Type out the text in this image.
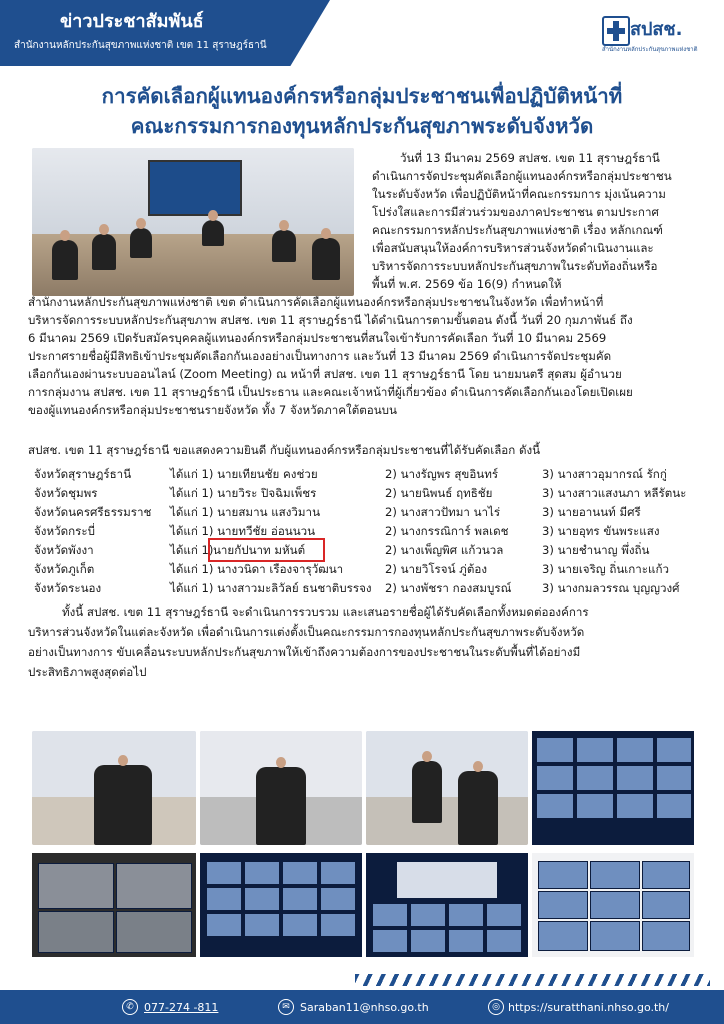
ข่าวประชาสัมพันธ์
สำนักงานหลักประกันสุขภาพแห่งชาติ เขต 11 สุราษฎร์ธานี
สปสช.
สำนักงานหลักประกันสุขภาพแห่งชาติ
การคัดเลือกผู้แทนองค์กรหรือกลุ่มประชาชนเพื่อปฏิบัติหน้าที่
คณะกรรมการกองทุนหลักประกันสุขภาพระดับจังหวัด
วันที่ 13 มีนาคม 2569 สปสช. เขต 11 สุราษฎร์ธานี
ดำเนินการจัดประชุมคัดเลือกผู้แทนองค์กรหรือกลุ่มประชาชน
ในระดับจังหวัด เพื่อปฏิบัติหน้าที่คณะกรรมการ มุ่งเน้นความ
โปร่งใสและการมีส่วนร่วมของภาคประชาชน ตามประกาศ
คณะกรรมการหลักประกันสุขภาพแห่งชาติ เรื่อง หลักเกณฑ์
เพื่อสนับสนุนให้องค์การบริหารส่วนจังหวัดดำเนินงานและ
บริหารจัดการระบบหลักประกันสุขภาพในระดับท้องถิ่นหรือ
พื้นที่ พ.ศ. 2569 ข้อ 16(9) กำหนดให้
สำนักงานหลักประกันสุขภาพแห่งชาติ เขต ดำเนินการคัดเลือกผู้แทนองค์กรหรือกลุ่มประชาชนในจังหวัด เพื่อทำหน้าที่
บริหารจัดการระบบหลักประกันสุขภาพ สปสช. เขต 11 สุราษฎร์ธานี ได้ดำเนินการตามขั้นตอน ดังนี้ วันที่ 20 กุมภาพันธ์ ถึง
6 มีนาคม 2569 เปิดรับสมัครบุคคลผู้แทนองค์กรหรือกลุ่มประชาชนที่สนใจเข้ารับการคัดเลือก วันที่ 10 มีนาคม 2569
ประกาศรายชื่อผู้มีสิทธิเข้าประชุมคัดเลือกกันเองอย่างเป็นทางการ และวันที่ 13 มีนาคม 2569 ดำเนินการจัดประชุมคัด
เลือกกันเองผ่านระบบออนไลน์ (Zoom Meeting) ณ หน้าที่ สปสช. เขต 11 สุราษฎร์ธานี โดย นายมนตรี สุดสม ผู้อำนวย
การกลุ่มงาน สปสช. เขต 11 สุราษฎร์ธานี เป็นประธาน และคณะเจ้าหน้าที่ผู้เกี่ยวข้อง ดำเนินการคัดเลือกกันเองโดยเปิดเผย
ของผู้แทนองค์กรหรือกลุ่มประชาชนรายจังหวัด ทั้ง 7 จังหวัดภาคใต้ตอนบน
สปสช. เขต 11 สุราษฎร์ธานี ขอแสดงความยินดี กับผู้แทนองค์กรหรือกลุ่มประชาชนที่ได้รับคัดเลือก ดังนี้
จังหวัดสุราษฎร์ธานี	ได้แก่ 1) นายเทียนชัย คงช่วย	2) นางรัญพร สุขอินทร์	3) นางสาวอุมากรณ์ รักกู่
จังหวัดชุมพร	ได้แก่ 1) นายวิระ ปิจฉิมเพ็ชร	2) นายนิพนธ์ ฤทธิชัย	3) นางสาวแสงนภา หลีรัตนะ
จังหวัดนครศรีธรรมราช ได้แก่ 1) นายสมาน แสงวิมาน	2) นางสาวปัทมา นาไร่	3) นายอานนท์ มีศรี
จังหวัดกระบี่	ได้แก่ 1) นายทวีชัย อ่อนนวน	2) นางกรรณิการ์ พลเดช	3) นายอุทร ขันพระแสง
จังหวัดพังงา	ได้แก่ 1) นายกัปนาท มหันต์	2) นางเพ็ญพิศ แก้วนวล	3) นายชำนาญ พึ่งถิ่น
จังหวัดภูเก็ต	ได้แก่ 1) นางวนิดา เรืองจารุวัฒนา	2) นายวิโรจน์ ภู่ต้อง	3) นายเจริญ ถิ่นเกาะแก้ว
จังหวัดระนอง	ได้แก่ 1) นางสาวมะลิวัลย์ ธนชาติบรรจง 2) นางพัชรา กองสมบูรณ์	3) นางกมลวรรณ บุญญวงศ์
ทั้งนี้ สปสช. เขต 11 สุราษฎร์ธานี จะดำเนินการรวบรวม และเสนอรายชื่อผู้ได้รับคัดเลือกทั้งหมดต่อองค์การ
บริหารส่วนจังหวัดในแต่ละจังหวัด เพื่อดำเนินการแต่งตั้งเป็นคณะกรรมการกองทุนหลักประกันสุขภาพระดับจังหวัด
อย่างเป็นทางการ ขับเคลื่อนระบบหลักประกันสุขภาพให้เข้าถึงความต้องการของประชาชนในระดับพื้นที่ได้อย่างมี
ประสิทธิภาพสูงสุดต่อไป
✆ 077-274 -811	✉ Saraban11@nhso.go.th	◎ https://suratthani.nhso.go.th/
